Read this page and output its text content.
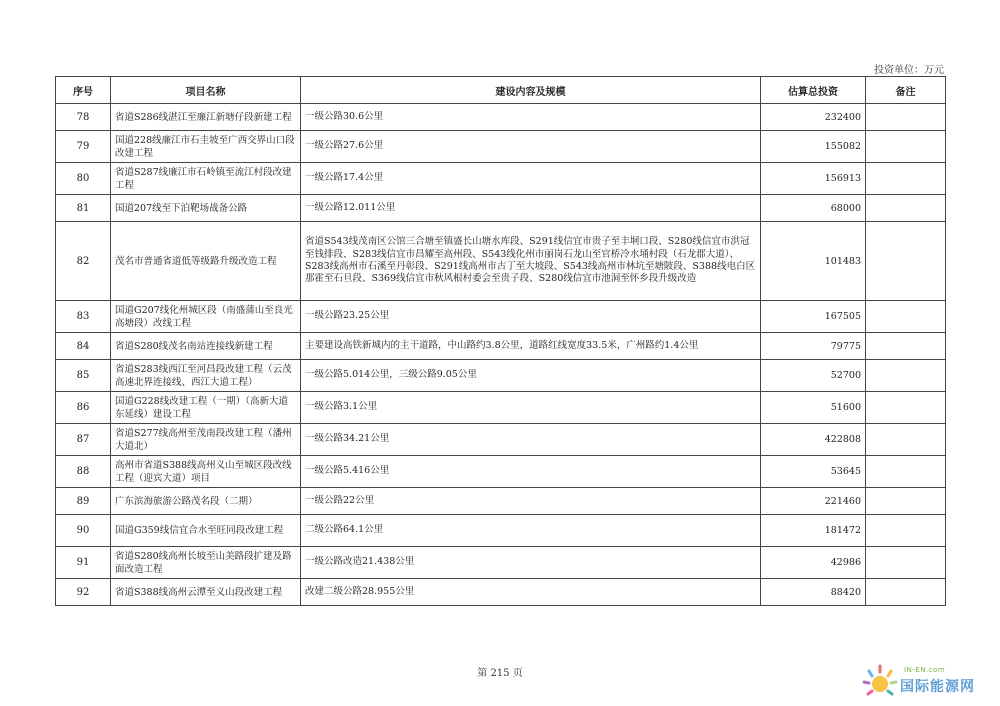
投资单位：万元
序号	项目名称	建设内容及规模	估算总投资	备注
78	省道S286线湛江至廉江新塘仔段新建工程	一级公路30.6公里	232400	
79	国道228线廉江市石圭坡至广西交界山口段改建工程	一级公路27.6公里	155082	
80	省道S287线廉江市石岭镇至流江村段改建工程	一级公路17.4公里	156913	
81	国道207线至下泊靶场战备公路	一级公路12.011公里	68000	
82	茂名市普通省道低等级路升级改造工程	省道S543线茂南区公馆三合塘至镇盛长山塘水库段、S291线信宜市贵子至丰垌口段、S280线信宜市洪冠至钱排段、S283线信宜市昌耀至高州段、S543线化州市丽岗石龙山至官桥冷水埇村段（石龙郡大道）、S283线高州市石溪至丹彰段、S291线高州市古丁至大坡段、S543线高州市林坑至塘陂段、S388线电白区那霍至石旦段、S369线信宜市秋风根村委会至贵子段、S280线信宜市池洞至怀乡段升级改造	101483	
83	国道G207线化州城区段（南盛蒲山至良光高塘段）改线工程	一级公路23.25公里	167505	
84	省道S280线茂名南站连接线新建工程	主要建设高铁新城内的主干道路，中山路约3.8公里，道路红线宽度33.5米，广州路约1.4公里	79775	
85	省道S283线西江至河昌段改建工程（云茂高速北界连接线、西江大道工程）	一级公路5.014公里，三级公路9.05公里	52700	
86	国道G228线改建工程（一期）（高新大道东延线）建设工程	一级公路3.1公里	51600	
87	省道S277线高州至茂南段改建工程（潘州大道北）	一级公路34.21公里	422808	
88	高州市省道S388线高州义山至城区段改线工程（迎宾大道）项目	一级公路5.416公里	53645	
89	广东滨海旅游公路茂名段（二期）	一级公路22公里	221460	
90	国道G359线信宜合水至旺同段改建工程	二级公路64.1公里	181472	
91	省道S280线高州长坡至山美路段扩建及路面改造工程	一级公路改造21.438公里	42986	
92	省道S388线高州云潭至义山段改建工程	改建二级公路28.955公里	88420	
第 215 页	IN-EN.com
国际能源网
